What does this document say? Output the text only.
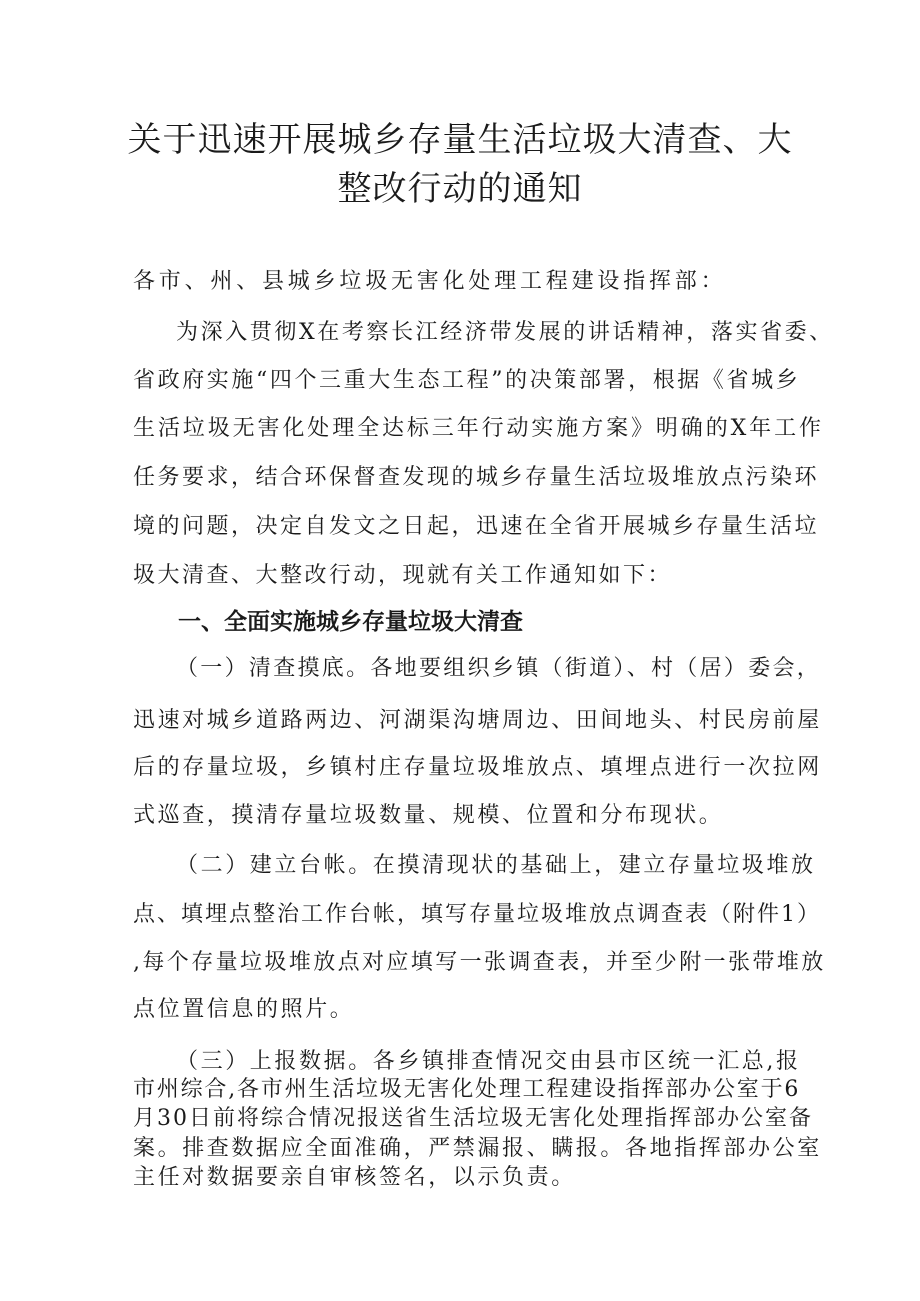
关于迅速开展城乡存量生活垃圾大清查、大
整改行动的通知
各市、州、县城乡垃圾无害化处理工程建设指挥部：
为深入贯彻X在考察长江经济带发展的讲话精神，落实省委、
省政府实施“四个三重大生态工程”的决策部署，根据《省城乡
生活垃圾无害化处理全达标三年行动实施方案》明确的X年工作
任务要求，结合环保督查发现的城乡存量生活垃圾堆放点污染环
境的问题，决定自发文之日起，迅速在全省开展城乡存量生活垃
圾大清查、大整改行动，现就有关工作通知如下：
一、全面实施城乡存量垃圾大清查
（一）清查摸底。各地要组织乡镇（街道）、村（居）委会，
迅速对城乡道路两边、河湖渠沟塘周边、田间地头、村民房前屋
后的存量垃圾，乡镇村庄存量垃圾堆放点、填埋点进行一次拉网
式巡查，摸清存量垃圾数量、规模、位置和分布现状。
（二）建立台帐。在摸清现状的基础上，建立存量垃圾堆放
点、填埋点整治工作台帐，填写存量垃圾堆放点调查表（附件1）
,每个存量垃圾堆放点对应填写一张调查表，并至少附一张带堆放
点位置信息的照片。
（三）上报数据。各乡镇排查情况交由县市区统一汇总,报
市州综合,各市州生活垃圾无害化处理工程建设指挥部办公室于6
月30日前将综合情况报送省生活垃圾无害化处理指挥部办公室备
案。排查数据应全面准确，严禁漏报、瞒报。各地指挥部办公室
主任对数据要亲自审核签名，以示负责。
